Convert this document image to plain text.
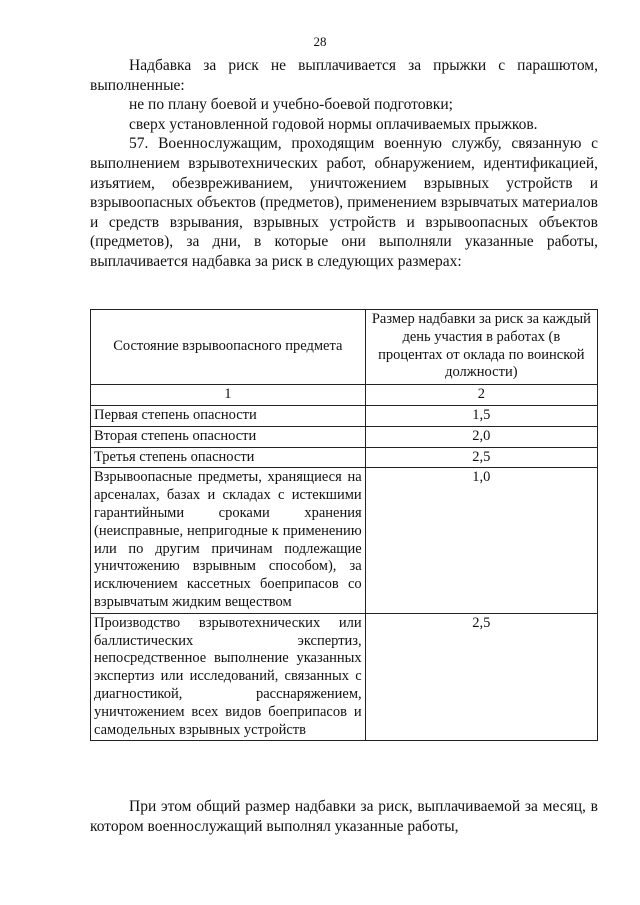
28

Надбавка за риск не выплачивается за прыжки с парашютом, выполненные:

не по плану боевой и учебно-боевой подготовки;

сверх установленной годовой нормы оплачиваемых прыжков.

57. Военнослужащим, проходящим военную службу, связанную с выполнением взрывотехнических работ, обнаружением, идентификацией, изъятием, обезвреживанием, уничтожением взрывных устройств и взрывоопасных объектов (предметов), применением взрывчатых материалов и средств взрывания, взрывных устройств и взрывоопасных объектов (предметов), за дни, в которые они выполняли указанные работы, выплачивается надбавка за риск в следующих размерах:

Состояние взрывоопасного предмета	Размер надбавки за риск за каждый день участия в работах (в процентах от оклада по воинской должности)
1	2
Первая степень опасности	1,5
Вторая степень опасности	2,0
Третья степень опасности	2,5
Взрывоопасные предметы, хранящиеся на арсеналах, базах и складах с истекшими гарантийными сроками хранения (неисправные, непригодные к применению или по другим причинам подлежащие уничтожению взрывным способом), за исключением кассетных боеприпасов со взрывчатым жидким веществом	1,0
Производство взрывотехнических или баллистических экспертиз, непосредственное выполнение указанных экспертиз или исследований, связанных с диагностикой, расснаряжением, уничтожением всех видов боеприпасов и самодельных взрывных устройств	2,5

При этом общий размер надбавки за риск, выплачиваемой за месяц, в котором военнослужащий выполнял указанные работы,
